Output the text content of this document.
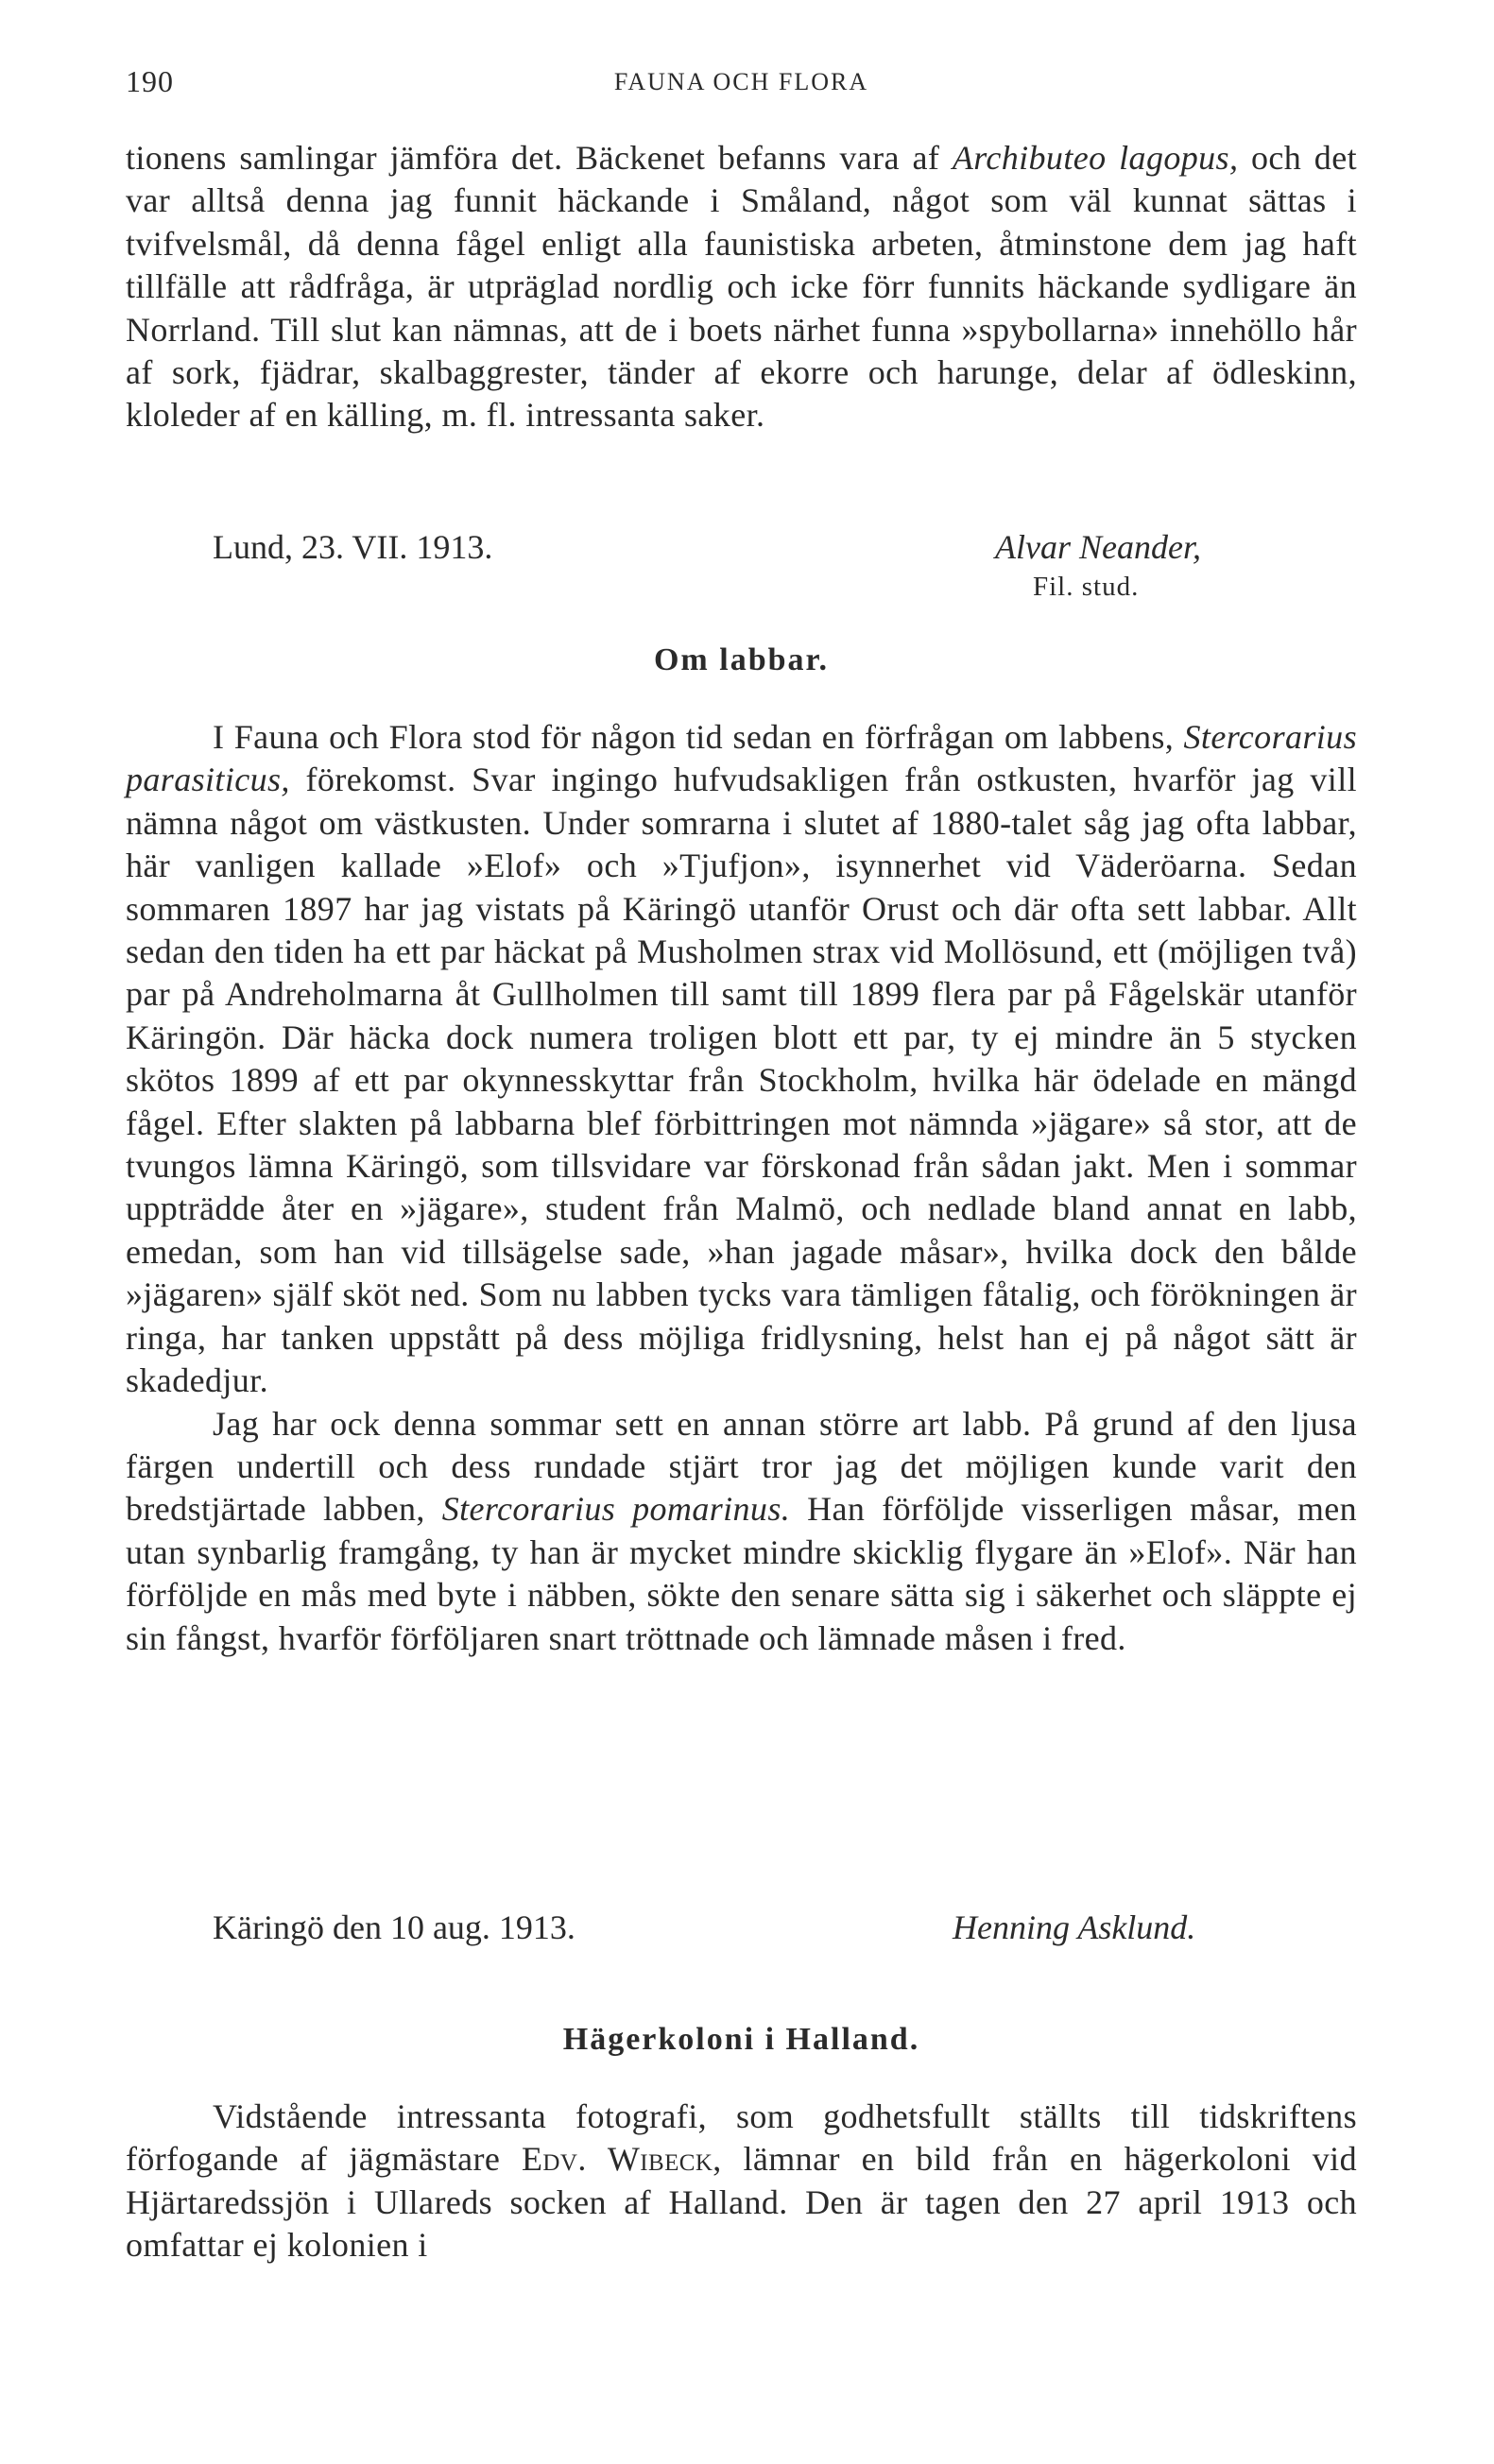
190	FAUNA OCH FLORA

tionens samlingar jämföra det. Bäckenet befanns vara af Archibuteo lagopus, och det var alltså denna jag funnit häckande i Småland, något som väl kunnat sättas i tvifvelsmål, då denna fågel enligt alla faunistiska arbeten, åtminstone dem jag haft tillfälle att rådfråga, är utpräglad nordlig och icke förr funnits häckande sydligare än Norrland. Till slut kan nämnas, att de i boets närhet funna »spybollarna» innehöllo hår af sork, fjädrar, skalbaggrester, tänder af ekorre och harunge, delar af ödleskinn, kloleder af en källing, m. fl. intressanta saker.

Lund, 23. VII. 1913.	Alvar Neander,
Fil. stud.
Om labbar.

I Fauna och Flora stod för någon tid sedan en förfrågan om labbens, Stercorarius parasiticus, förekomst. Svar ingingo hufvudsakligen från ostkusten, hvarför jag vill nämna något om västkusten. Under somrarna i slutet af 1880-talet såg jag ofta labbar, här vanligen kallade »Elof» och »Tjufjon», isynnerhet vid Väderöarna. Sedan sommaren 1897 har jag vistats på Käringö utanför Orust och där ofta sett labbar. Allt sedan den tiden ha ett par häckat på Musholmen strax vid Mollösund, ett (möjligen två) par på Andreholmarna åt Gullholmen till samt till 1899 flera par på Fågelskär utanför Käringön. Där häcka dock numera troligen blott ett par, ty ej mindre än 5 stycken skötos 1899 af ett par okynnesskyttar från Stockholm, hvilka här ödelade en mängd fågel. Efter slakten på labbarna blef förbittringen mot nämnda »jägare» så stor, att de tvungos lämna Käringö, som tillsvidare var förskonad från sådan jakt. Men i sommar uppträdde åter en »jägare», student från Malmö, och nedlade bland annat en labb, emedan, som han vid tillsägelse sade, »han jagade måsar», hvilka dock den bålde »jägaren» själf sköt ned. Som nu labben tycks vara tämligen fåtalig, och förökningen är ringa, har tanken uppstått på dess möjliga fridlysning, helst han ej på något sätt är skadedjur.

Jag har ock denna sommar sett en annan större art labb. På grund af den ljusa färgen undertill och dess rundade stjärt tror jag det möjligen kunde varit den bredstjärtade labben, Stercorarius pomarinus. Han förföljde visserligen måsar, men utan synbarlig framgång, ty han är mycket mindre skicklig flygare än »Elof». När han förföljde en mås med byte i näbben, sökte den senare sätta sig i säkerhet och släppte ej sin fångst, hvarför förföljaren snart tröttnade och lämnade måsen i fred.

Käringö den 10 aug. 1913.	Henning Asklund.
Hägerkoloni i Halland.

Vidstående intressanta fotografi, som godhetsfullt ställts till tidskriftens förfogande af jägmästare Edv. Wibeck, lämnar en bild från en hägerkoloni vid Hjärtaredssjön i Ullareds socken af Halland. Den är tagen den 27 april 1913 och omfattar ej kolonien i
